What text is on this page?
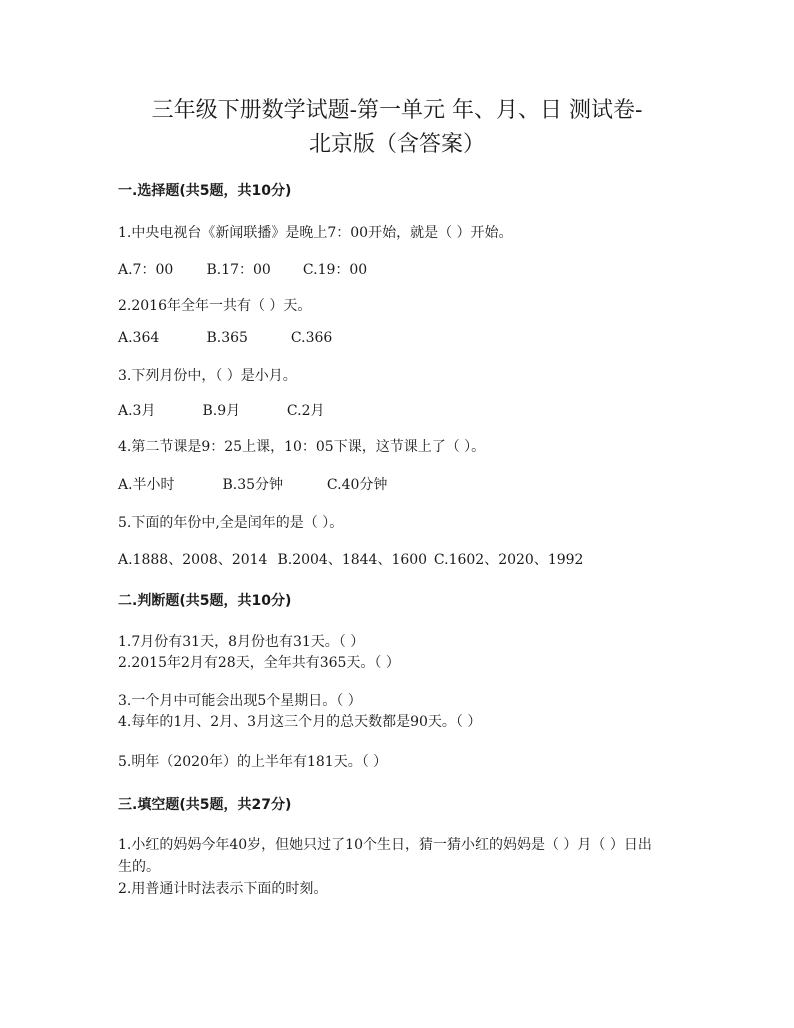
三年级下册数学试题-第一单元 年、月、日 测试卷-
北京版（含答案）
一.选择题(共5题，共10分)
1.中央电视台《新闻联播》是晚上7：00开始，就是（ ）开始。
A.7：00 B.17：00 C.19：00
2.2016年全年一共有（ ）天。
A.364	B.365	C.366
3.下列月份中，（ ）是小月。
A.3月	B.9月	C.2月
4.第二节课是9：25上课，10：05下课，这节课上了（ ）。
A.半小时	B.35分钟	C.40分钟
5.下面的年份中,全是闰年的是（ ）。
A.1888、2008、2014 B.2004、1844、1600 C.1602、2020、1992
二.判断题(共5题，共10分)
1.7月份有31天，8月份也有31天。（ ）
2.2015年2月有28天，全年共有365天。（ ）
3.一个月中可能会出现5个星期日。（ ）
4.每年的1月、2月、3月这三个月的总天数都是90天。（ ）
5.明年（2020年）的上半年有181天。（ ）
三.填空题(共5题，共27分)
1.小红的妈妈今年40岁，但她只过了10个生日，猜一猜小红的妈妈是（ ）月（ ）日出生的。
2.用普通计时法表示下面的时刻。
